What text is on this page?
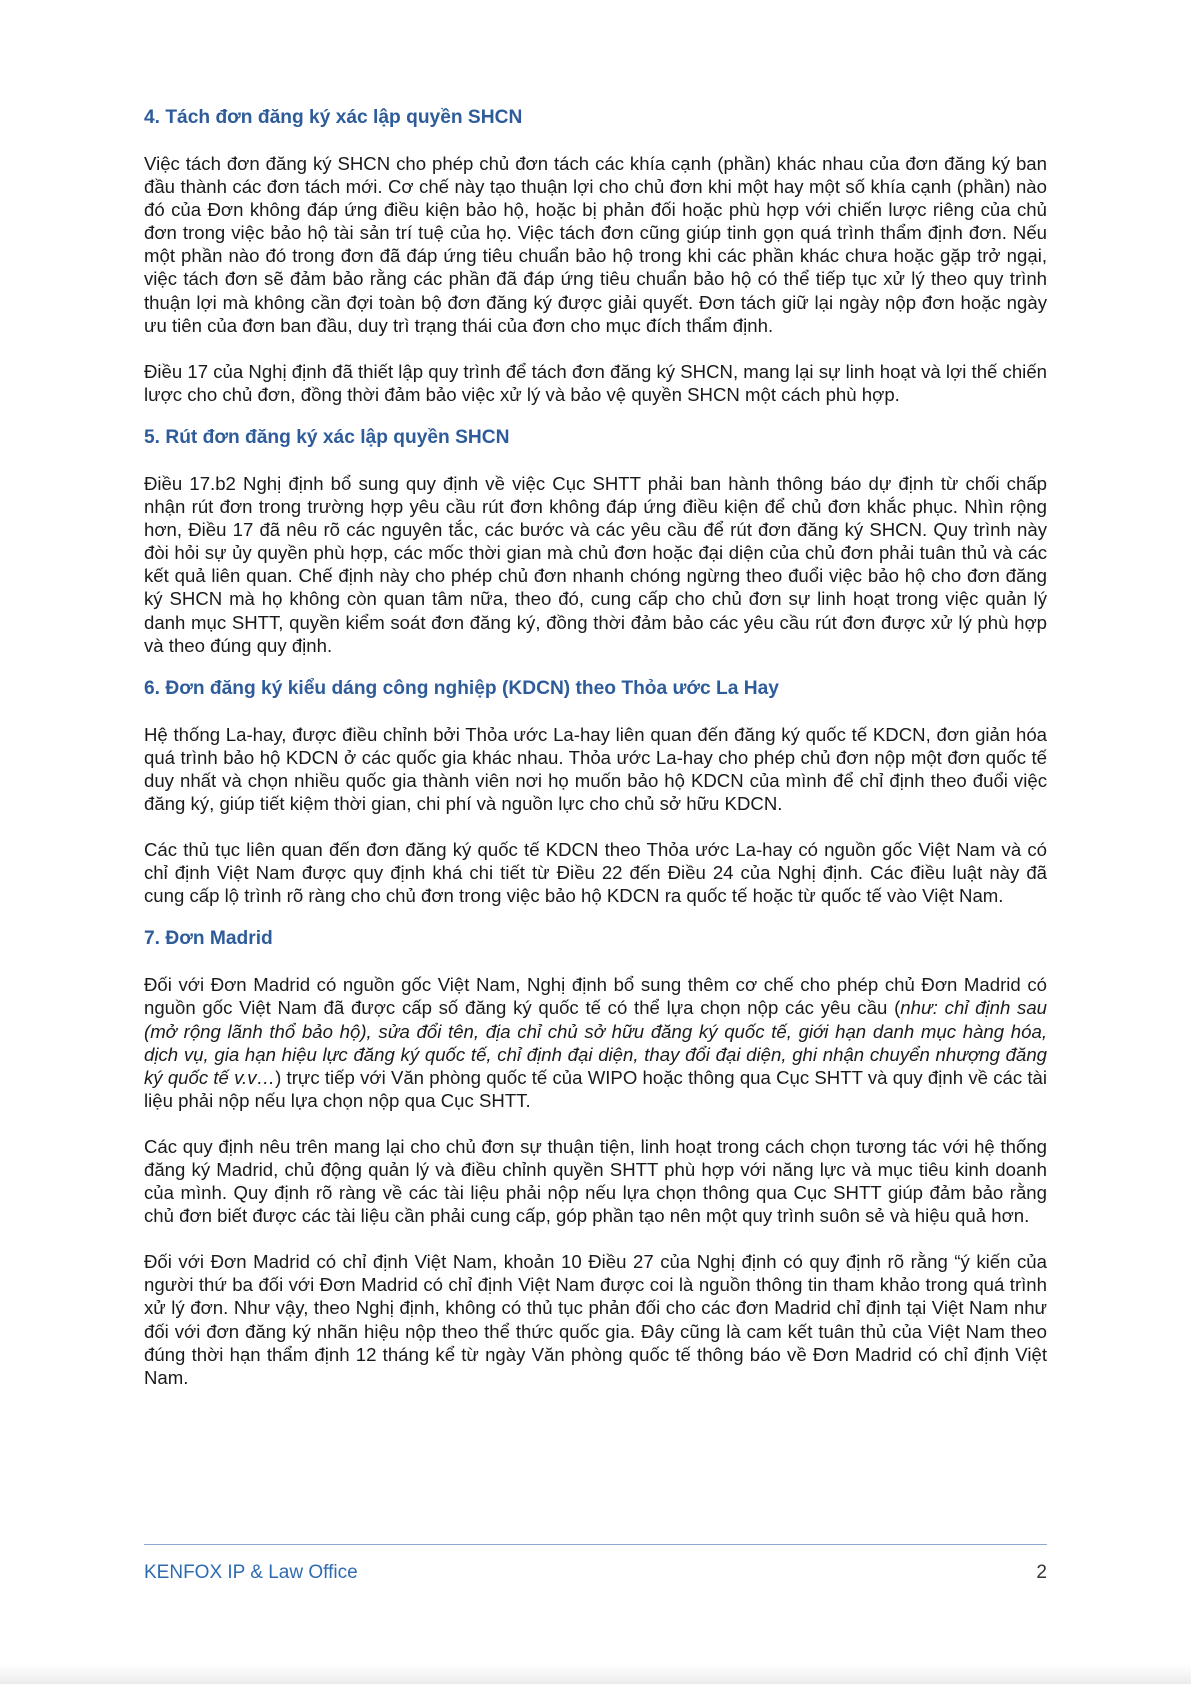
4. Tách đơn đăng ký xác lập quyền SHCN

Việc tách đơn đăng ký SHCN cho phép chủ đơn tách các khía cạnh (phần) khác nhau của đơn đăng ký ban đầu thành các đơn tách mới. Cơ chế này tạo thuận lợi cho chủ đơn khi một hay một số khía cạnh (phần) nào đó của Đơn không đáp ứng điều kiện bảo hộ, hoặc bị phản đối hoặc phù hợp với chiến lược riêng của chủ đơn trong việc bảo hộ tài sản trí tuệ của họ. Việc tách đơn cũng giúp tinh gọn quá trình thẩm định đơn. Nếu một phần nào đó trong đơn đã đáp ứng tiêu chuẩn bảo hộ trong khi các phần khác chưa hoặc gặp trở ngại, việc tách đơn sẽ đảm bảo rằng các phần đã đáp ứng tiêu chuẩn bảo hộ có thể tiếp tục xử lý theo quy trình thuận lợi mà không cần đợi toàn bộ đơn đăng ký được giải quyết. Đơn tách giữ lại ngày nộp đơn hoặc ngày ưu tiên của đơn ban đầu, duy trì trạng thái của đơn cho mục đích thẩm định.

Điều 17 của Nghị định đã thiết lập quy trình để tách đơn đăng ký SHCN, mang lại sự linh hoạt và lợi thế chiến lược cho chủ đơn, đồng thời đảm bảo việc xử lý và bảo vệ quyền SHCN một cách phù hợp.

5. Rút đơn đăng ký xác lập quyền SHCN

Điều 17.b2 Nghị định bổ sung quy định về việc Cục SHTT phải ban hành thông báo dự định từ chối chấp nhận rút đơn trong trường hợp yêu cầu rút đơn không đáp ứng điều kiện để chủ đơn khắc phục. Nhìn rộng hơn, Điều 17 đã nêu rõ các nguyên tắc, các bước và các yêu cầu để rút đơn đăng ký SHCN. Quy trình này đòi hỏi sự ủy quyền phù hợp, các mốc thời gian mà chủ đơn hoặc đại diện của chủ đơn phải tuân thủ và các kết quả liên quan. Chế định này cho phép chủ đơn nhanh chóng ngừng theo đuổi việc bảo hộ cho đơn đăng ký SHCN mà họ không còn quan tâm nữa, theo đó, cung cấp cho chủ đơn sự linh hoạt trong việc quản lý danh mục SHTT, quyền kiểm soát đơn đăng ký, đồng thời đảm bảo các yêu cầu rút đơn được xử lý phù hợp và theo đúng quy định.

6. Đơn đăng ký kiểu dáng công nghiệp (KDCN) theo Thỏa ước La Hay

Hệ thống La-hay, được điều chỉnh bởi Thỏa ước La-hay liên quan đến đăng ký quốc tế KDCN, đơn giản hóa quá trình bảo hộ KDCN ở các quốc gia khác nhau. Thỏa ước La-hay cho phép chủ đơn nộp một đơn quốc tế duy nhất và chọn nhiều quốc gia thành viên nơi họ muốn bảo hộ KDCN của mình để chỉ định theo đuổi việc đăng ký, giúp tiết kiệm thời gian, chi phí và nguồn lực cho chủ sở hữu KDCN.

Các thủ tục liên quan đến đơn đăng ký quốc tế KDCN theo Thỏa ước La-hay có nguồn gốc Việt Nam và có chỉ định Việt Nam được quy định khá chi tiết từ Điều 22 đến Điều 24 của Nghị định. Các điều luật này đã cung cấp lộ trình rõ ràng cho chủ đơn trong việc bảo hộ KDCN ra quốc tế hoặc từ quốc tế vào Việt Nam.

7. Đơn Madrid

Đối với Đơn Madrid có nguồn gốc Việt Nam, Nghị định bổ sung thêm cơ chế cho phép chủ Đơn Madrid có nguồn gốc Việt Nam đã được cấp số đăng ký quốc tế có thể lựa chọn nộp các yêu cầu (như: chỉ định sau (mở rộng lãnh thổ bảo hộ), sửa đổi tên, địa chỉ chủ sở hữu đăng ký quốc tế, giới hạn danh mục hàng hóa, dịch vụ, gia hạn hiệu lực đăng ký quốc tế, chỉ định đại diện, thay đổi đại diện, ghi nhận chuyển nhượng đăng ký quốc tế v.v…) trực tiếp với Văn phòng quốc tế của WIPO hoặc thông qua Cục SHTT và quy định về các tài liệu phải nộp nếu lựa chọn nộp qua Cục SHTT.

Các quy định nêu trên mang lại cho chủ đơn sự thuận tiện, linh hoạt trong cách chọn tương tác với hệ thống đăng ký Madrid, chủ động quản lý và điều chỉnh quyền SHTT phù hợp với năng lực và mục tiêu kinh doanh của mình. Quy định rõ ràng về các tài liệu phải nộp nếu lựa chọn thông qua Cục SHTT giúp đảm bảo rằng chủ đơn biết được các tài liệu cần phải cung cấp, góp phần tạo nên một quy trình suôn sẻ và hiệu quả hơn.

Đối với Đơn Madrid có chỉ định Việt Nam, khoản 10 Điều 27 của Nghị định có quy định rõ rằng “ý kiến của người thứ ba đối với Đơn Madrid có chỉ định Việt Nam được coi là nguồn thông tin tham khảo trong quá trình xử lý đơn. Như vậy, theo Nghị định, không có thủ tục phản đối cho các đơn Madrid chỉ định tại Việt Nam như đối với đơn đăng ký nhãn hiệu nộp theo thể thức quốc gia. Đây cũng là cam kết tuân thủ của Việt Nam theo đúng thời hạn thẩm định 12 tháng kể từ ngày Văn phòng quốc tế thông báo về Đơn Madrid có chỉ định Việt Nam.

KENFOX IP & Law Office	2
